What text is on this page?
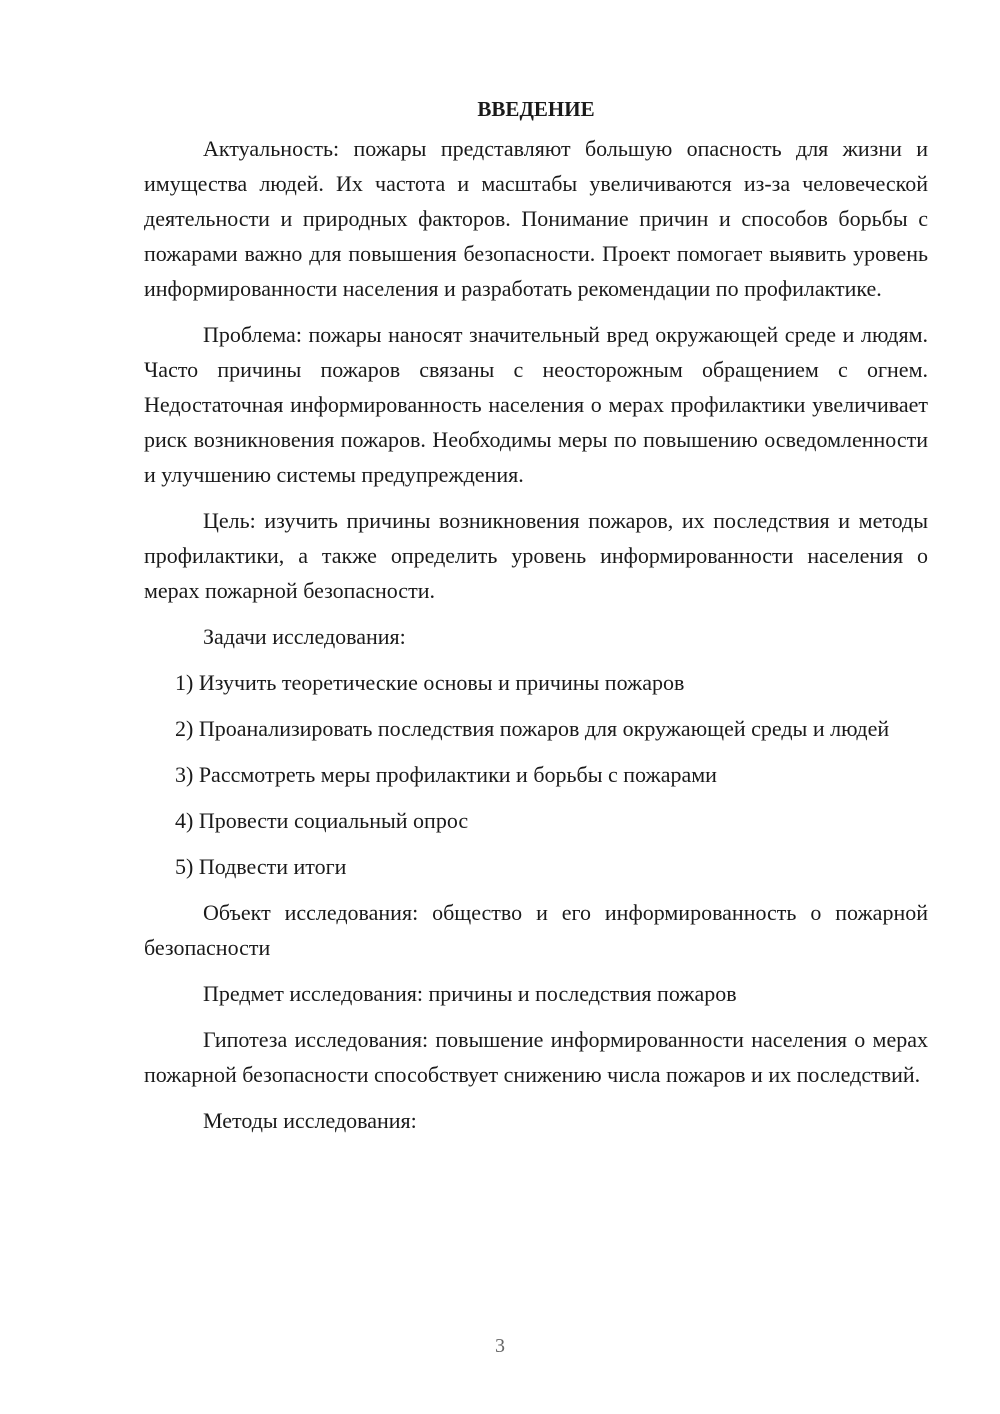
ВВЕДЕНИЕ

Актуальность: пожары представляют большую опасность для жизни и имущества людей. Их частота и масштабы увеличиваются из-за человеческой деятельности и природных факторов. Понимание причин и способов борьбы с пожарами важно для повышения безопасности. Проект помогает выявить уровень информированности населения и разработать рекомендации по профилактике.

Проблема: пожары наносят значительный вред окружающей среде и людям. Часто причины пожаров связаны с неосторожным обращением с огнем. Недостаточная информированность населения о мерах профилактики увеличивает риск возникновения пожаров. Необходимы меры по повышению осведомленности и улучшению системы предупреждения.

Цель: изучить причины возникновения пожаров, их последствия и методы профилактики, а также определить уровень информированности населения о мерах пожарной безопасности.

Задачи исследования:

1) Изучить теоретические основы и причины пожаров

2) Проанализировать последствия пожаров для окружающей среды и людей

3) Рассмотреть меры профилактики и борьбы с пожарами

4) Провести социальный опрос

5) Подвести итоги

Объект исследования: общество и его информированность о пожарной безопасности

Предмет исследования: причины и последствия пожаров

Гипотеза исследования: повышение информированности населения о мерах пожарной безопасности способствует снижению числа пожаров и их последствий.

Методы исследования:

3
